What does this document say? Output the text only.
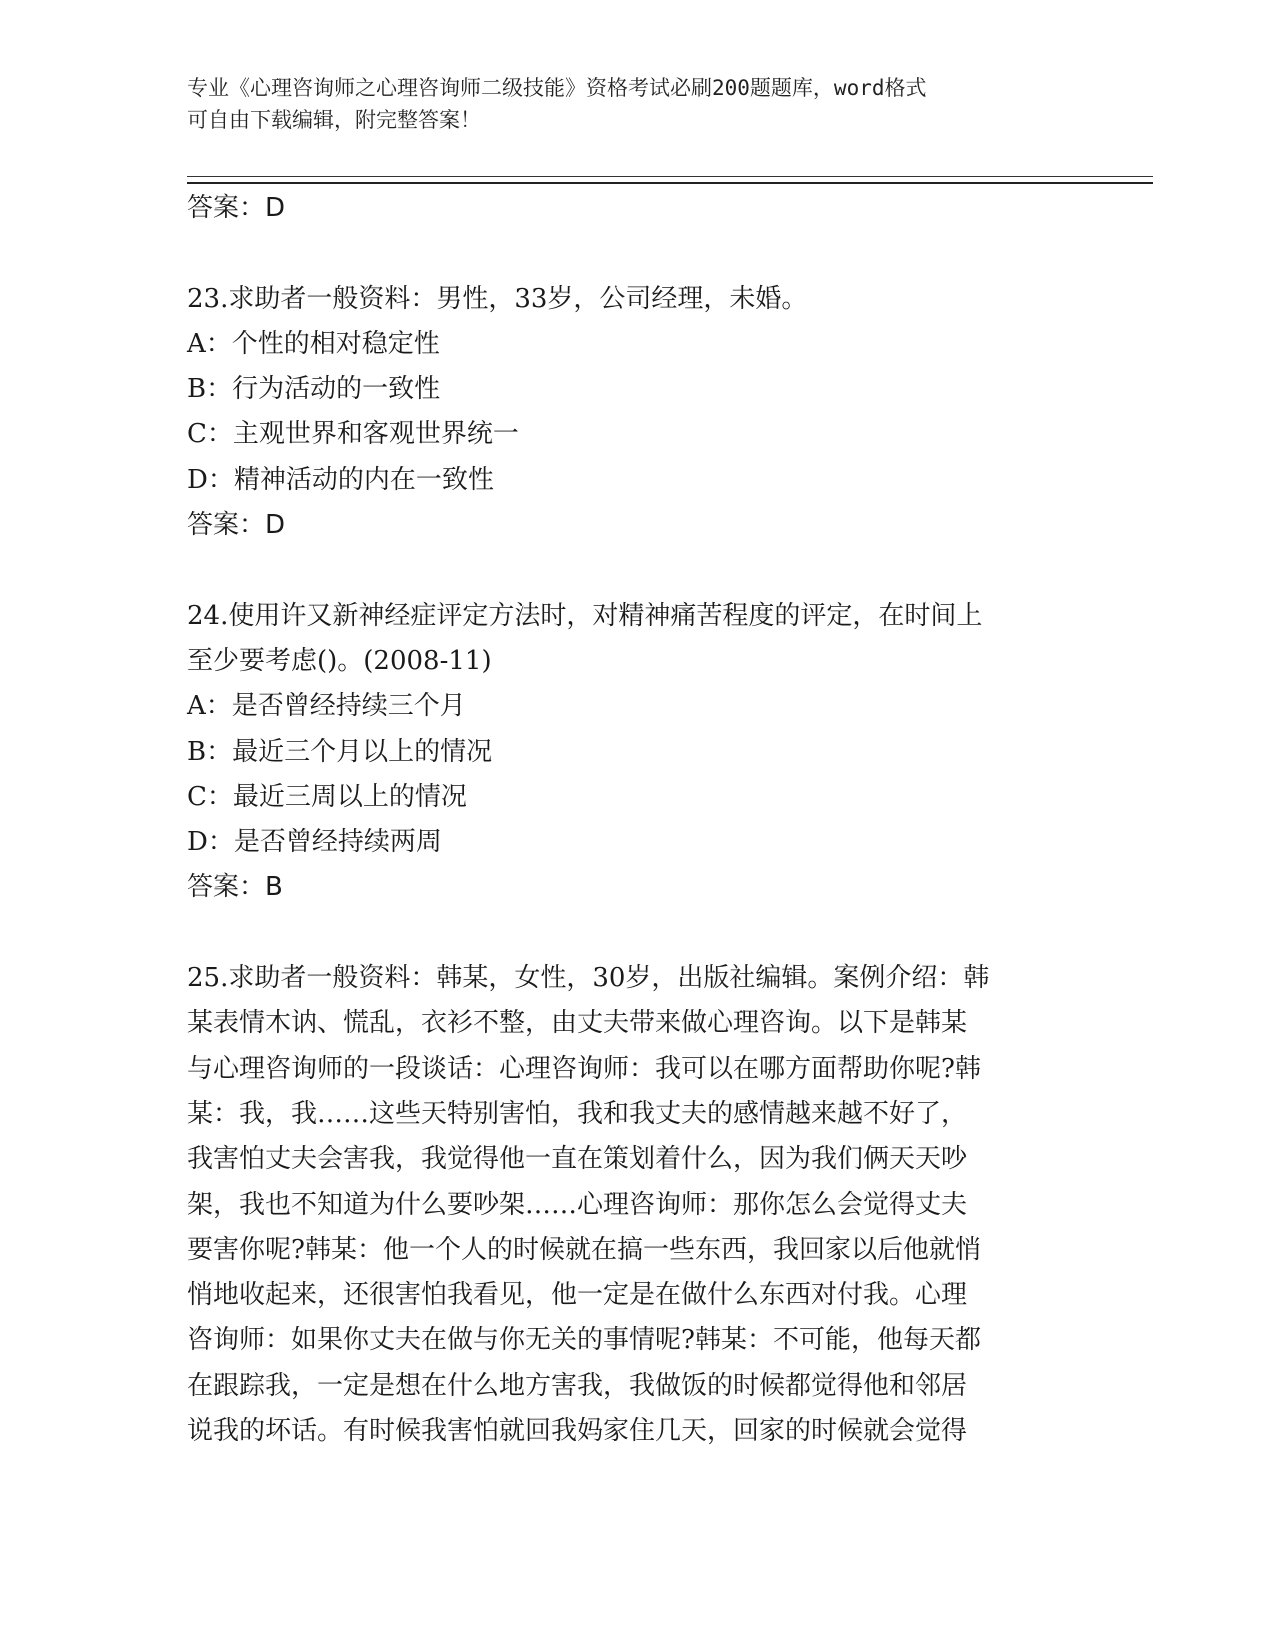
专业《心理咨询师之心理咨询师二级技能》资格考试必刷200题题库，word格式
可自由下载编辑，附完整答案！
答案：D
23.求助者一般资料：男性，33岁，公司经理，未婚。
A：个性的相对稳定性
B：行为活动的一致性
C：主观世界和客观世界统一
D：精神活动的内在一致性
答案：D
24.使用许又新神经症评定方法时，对精神痛苦程度的评定，在时间上
至少要考虑()。(2008-11)
A：是否曾经持续三个月
B：最近三个月以上的情况
C：最近三周以上的情况
D：是否曾经持续两周
答案：B
25.求助者一般资料：韩某，女性，30岁，出版社编辑。案例介绍：韩
某表情木讷、慌乱，衣衫不整，由丈夫带来做心理咨询。以下是韩某
与心理咨询师的一段谈话：心理咨询师：我可以在哪方面帮助你呢?韩
某：我，我……这些天特别害怕，我和我丈夫的感情越来越不好了，
我害怕丈夫会害我，我觉得他一直在策划着什么，因为我们俩天天吵
架，我也不知道为什么要吵架……心理咨询师：那你怎么会觉得丈夫
要害你呢?韩某：他一个人的时候就在搞一些东西，我回家以后他就悄
悄地收起来，还很害怕我看见，他一定是在做什么东西对付我。心理
咨询师：如果你丈夫在做与你无关的事情呢?韩某：不可能，他每天都
在跟踪我，一定是想在什么地方害我，我做饭的时候都觉得他和邻居
说我的坏话。有时候我害怕就回我妈家住几天，回家的时候就会觉得
